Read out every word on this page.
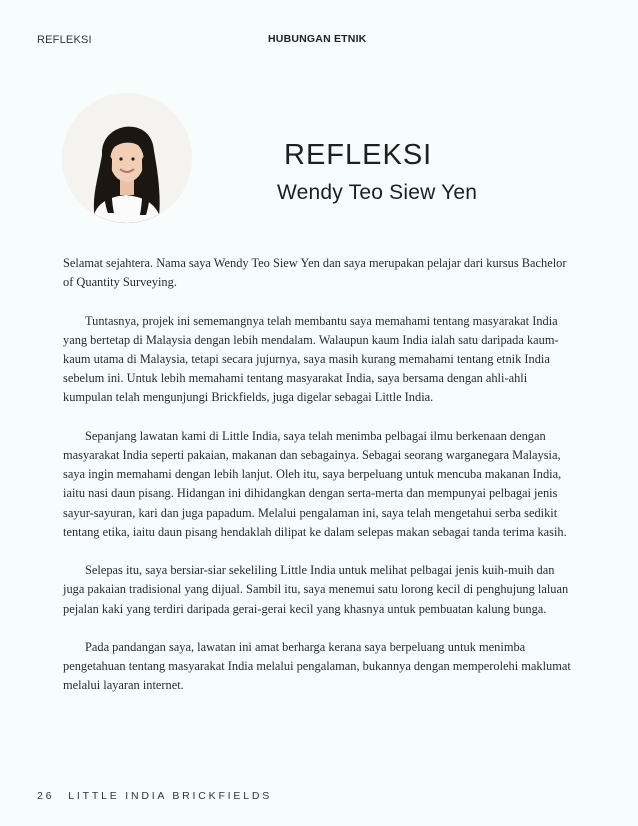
REFLEKSI	HUBUNGAN ETNIK
REFLEKSI
Wendy Teo Siew Yen

Selamat sejahtera. Nama saya Wendy Teo Siew Yen dan saya merupakan pelajar dari kursus Bachelor of Quantity Surveying.

Tuntasnya, projek ini sememangnya telah membantu saya memahami tentang masyarakat India yang bertetap di Malaysia dengan lebih mendalam. Walaupun kaum India ialah satu daripada kaum-kaum utama di Malaysia, tetapi secara jujurnya, saya masih kurang memahami tentang etnik India sebelum ini. Untuk lebih memahami tentang masyarakat India, saya bersama dengan ahli-ahli kumpulan telah mengunjungi Brickfields, juga digelar sebagai Little India.

Sepanjang lawatan kami di Little India, saya telah menimba pelbagai ilmu berkenaan dengan masyarakat India seperti pakaian, makanan dan sebagainya. Sebagai seorang warganegara Malaysia, saya ingin memahami dengan lebih lanjut. Oleh itu, saya berpeluang untuk mencuba makanan India, iaitu nasi daun pisang. Hidangan ini dihidangkan dengan serta-merta dan mempunyai pelbagai jenis sayur-sayuran, kari dan juga papadum. Melalui pengalaman ini, saya telah mengetahui serba sedikit tentang etika, iaitu daun pisang hendaklah dilipat ke dalam selepas makan sebagai tanda terima kasih.

Selepas itu, saya bersiar-siar sekeliling Little India untuk melihat pelbagai jenis kuih-muih dan juga pakaian tradisional yang dijual. Sambil itu, saya menemui satu lorong kecil di penghujung laluan pejalan kaki yang terdiri daripada gerai-gerai kecil yang khasnya untuk pembuatan kalung bunga.

Pada pandangan saya, lawatan ini amat berharga kerana saya berpeluang untuk menimba pengetahuan tentang masyarakat India melalui pengalaman, bukannya dengan memperolehi maklumat melalui layaran internet.

26 LITTLE INDIA BRICKFIELDS
